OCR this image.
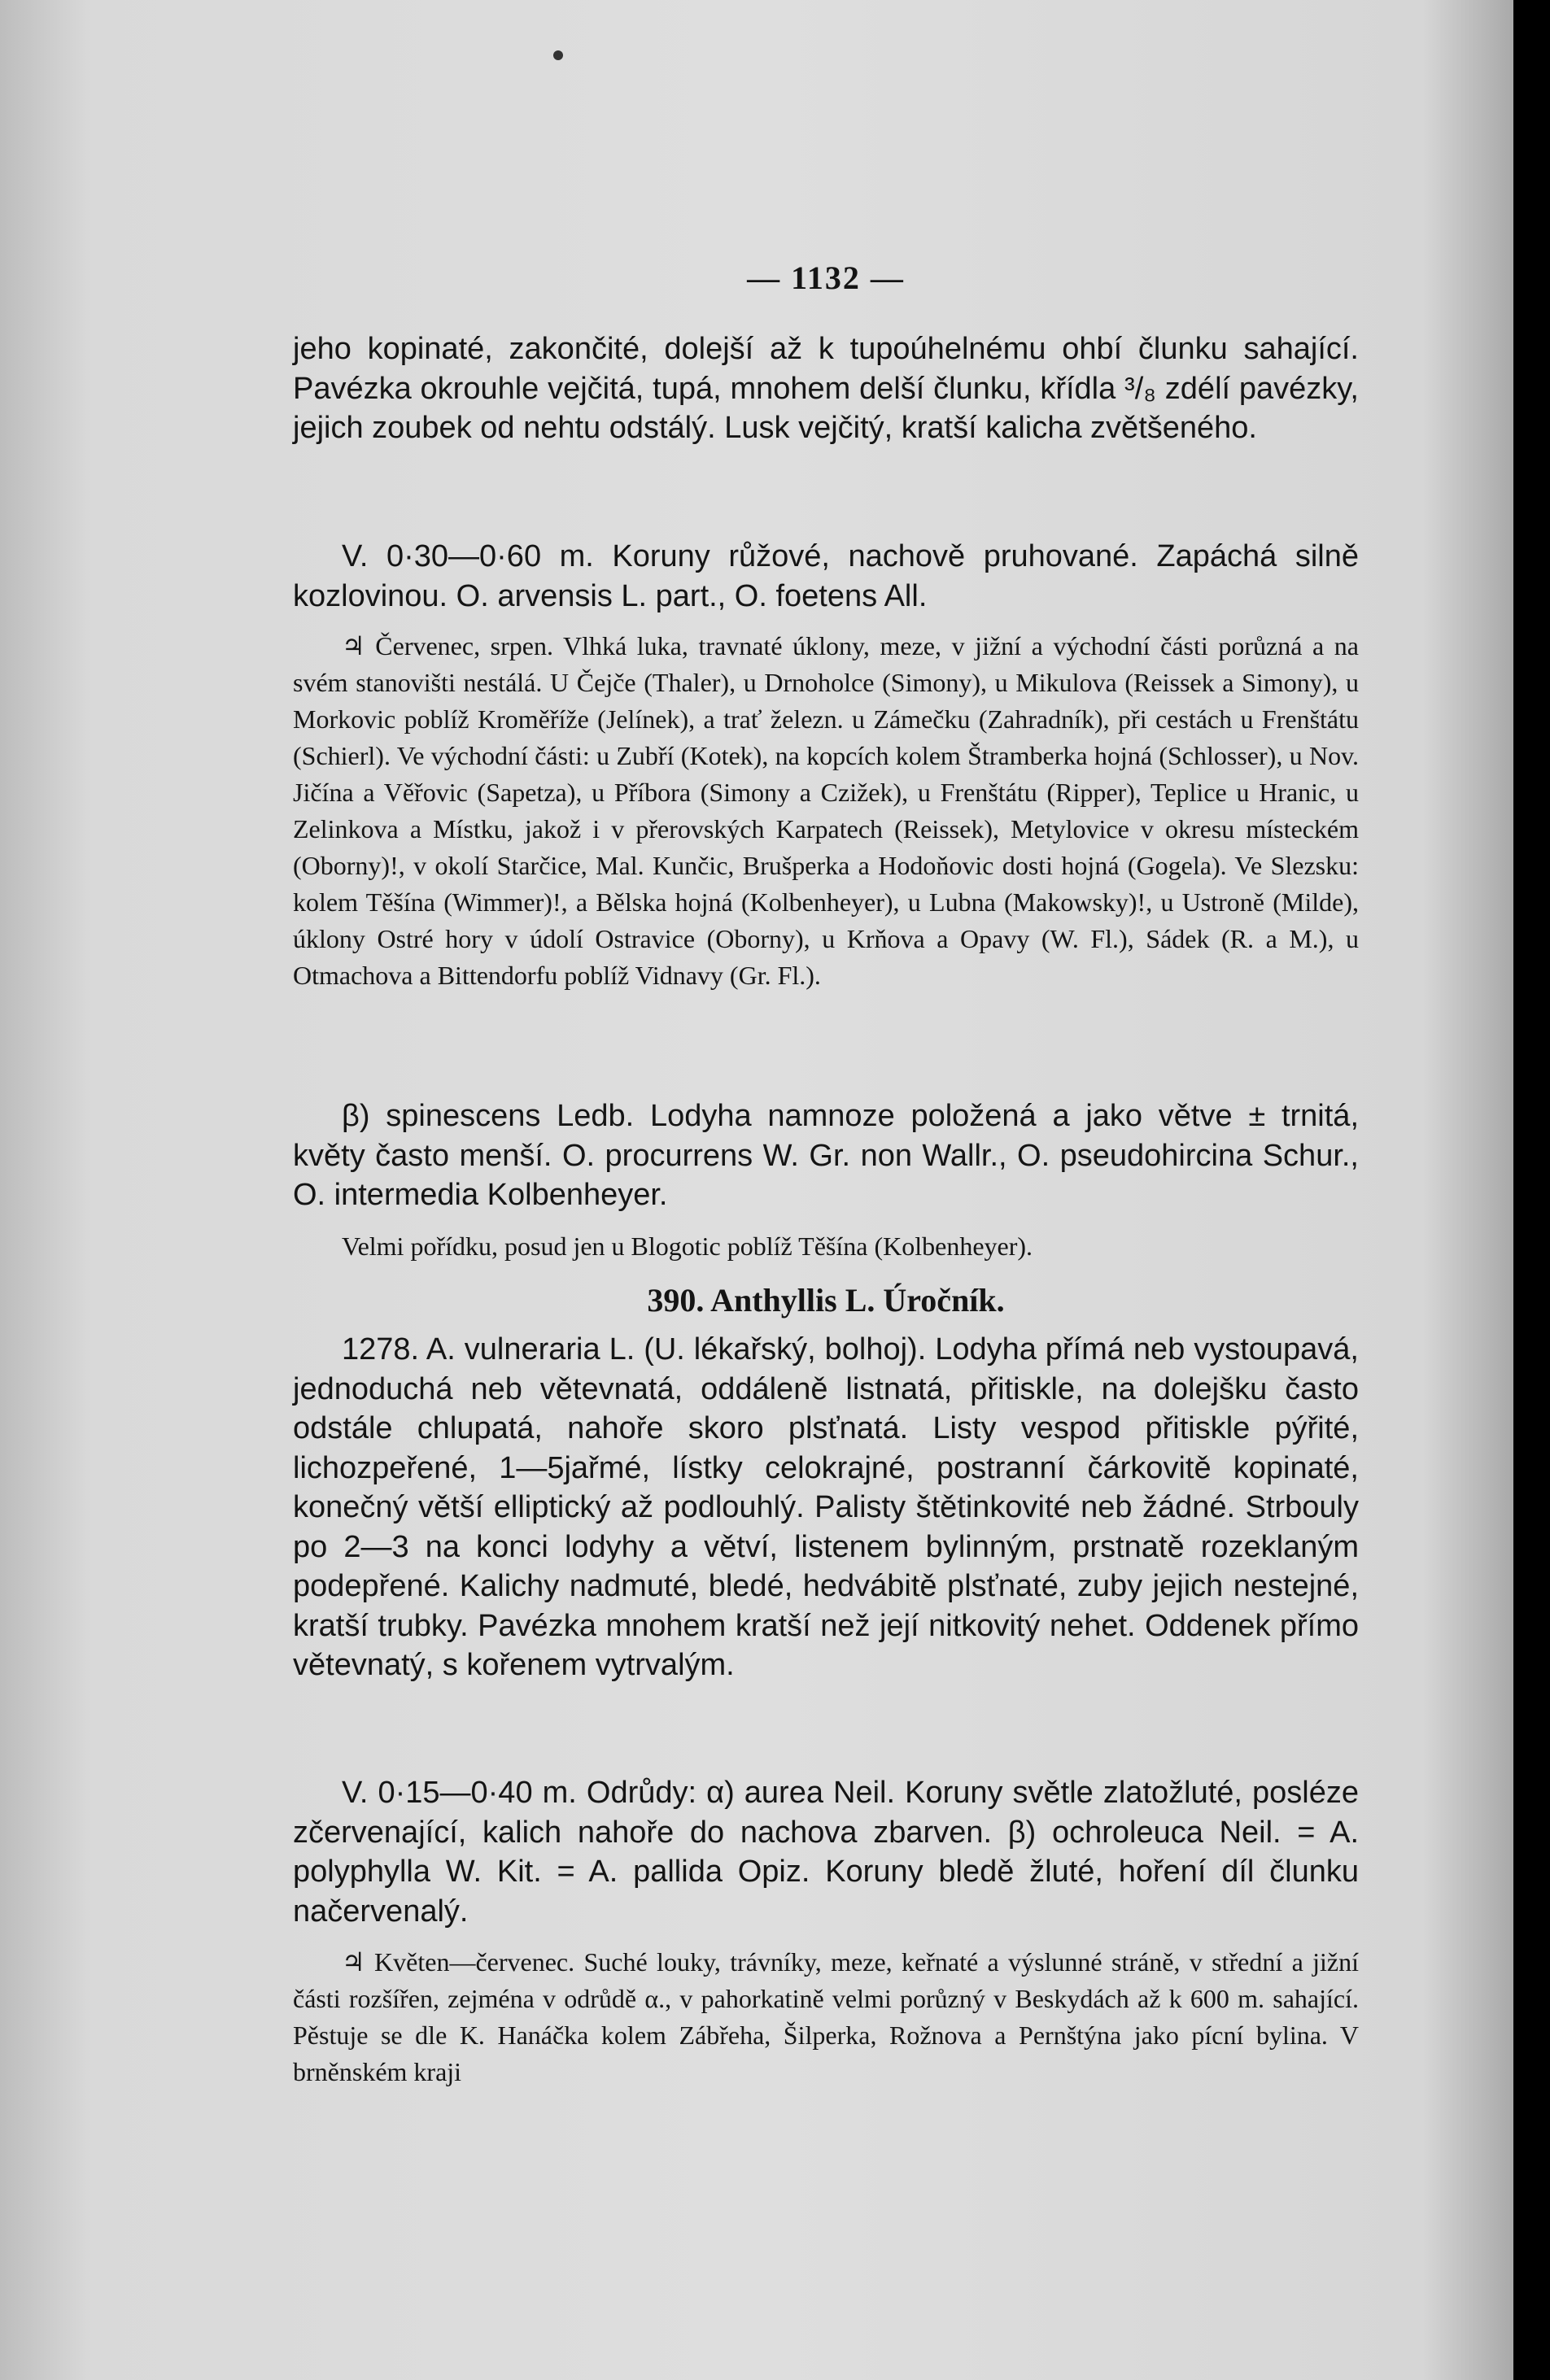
— 1132 —

jeho kopinaté, zakončité, dolejší až k tupoúhelnému ohbí člunku sahající. Pavézka okrouhle vejčitá, tupá, mnohem delší člunku, křídla ³/₈ zdélí pavézky, jejich zoubek od nehtu odstálý. Lusk vejčitý, kratší kalicha zvětšeného.

V. 0·30—0·60 m. Koruny růžové, nachově pruhované. Zapáchá silně kozlovinou. O. arvensis L. part., O. foetens All.

♃ Červenec, srpen. Vlhká luka, travnaté úklony, meze, v jižní a východní části porůzná a na svém stanovišti nestálá. U Čejče (Thaler), u Drnoholce (Simony), u Mikulova (Reissek a Simony), u Morkovic poblíž Kroměříže (Jelínek), a trať železn. u Zámečku (Zahradník), při cestách u Frenštátu (Schierl). Ve východní části: u Zubří (Kotek), na kopcích kolem Štramberka hojná (Schlosser), u Nov. Jičína a Věřovic (Sapetza), u Příbora (Simony a Czižek), u Frenštátu (Ripper), Teplice u Hranic, u Zelinkova a Místku, jakož i v přerovských Karpatech (Reissek), Metylovice v okresu místeckém (Oborny)!, v okolí Starčice, Mal. Kunčic, Brušperka a Hodoňovic dosti hojná (Gogela). Ve Slezsku: kolem Těšína (Wimmer)!, a Bělska hojná (Kolbenheyer), u Lubna (Makowsky)!, u Ustroně (Milde), úklony Ostré hory v údolí Ostravice (Oborny), u Krňova a Opavy (W. Fl.), Sádek (R. a M.), u Otmachova a Bittendorfu poblíž Vidnavy (Gr. Fl.).

β) spinescens Ledb. Lodyha namnoze položená a jako větve ± trnitá, květy často menší. O. procurrens W. Gr. non Wallr., O. pseudohircina Schur., O. intermedia Kolbenheyer.

Velmi pořídku, posud jen u Blogotic poblíž Těšína (Kolbenheyer).

390. Anthyllis L. Úročník.

1278. A. vulneraria L. (U. lékařský, bolhoj). Lodyha přímá neb vystoupavá, jednoduchá neb větevnatá, oddáleně listnatá, přitiskle, na dolejšku často odstále chlupatá, nahoře skoro plsťnatá. Listy vespod přitiskle pýřité, lichozpeřené, 1—5jařmé, lístky celokrajné, postranní čárkovitě kopinaté, konečný větší elliptický až podlouhlý. Palisty štětinkovité neb žádné. Strbouly po 2—3 na konci lodyhy a větví, listenem bylinným, prstnatě rozeklaným podepřené. Kalichy nadmuté, bledé, hedvábitě plsťnaté, zuby jejich nestejné, kratší trubky. Pavézka mnohem kratší než její nitkovitý nehet. Oddenek přímo větevnatý, s kořenem vytrvalým.

V. 0·15—0·40 m. Odrůdy: α) aurea Neil. Koruny světle zlatožluté, posléze zčervenající, kalich nahoře do nachova zbarven. β) ochroleuca Neil. = A. polyphylla W. Kit. = A. pallida Opiz. Koruny bledě žluté, hoření díl člunku načervenalý.

♃ Květen—červenec. Suché louky, trávníky, meze, keřnaté a výslunné stráně, v střední a jižní části rozšířen, zejména v odrůdě α., v pahorkatině velmi porůzný v Beskydách až k 600 m. sahající. Pěstuje se dle K. Hanáčka kolem Zábřeha, Šilperka, Rožnova a Pernštýna jako pícní bylina. V brněnském kraji
